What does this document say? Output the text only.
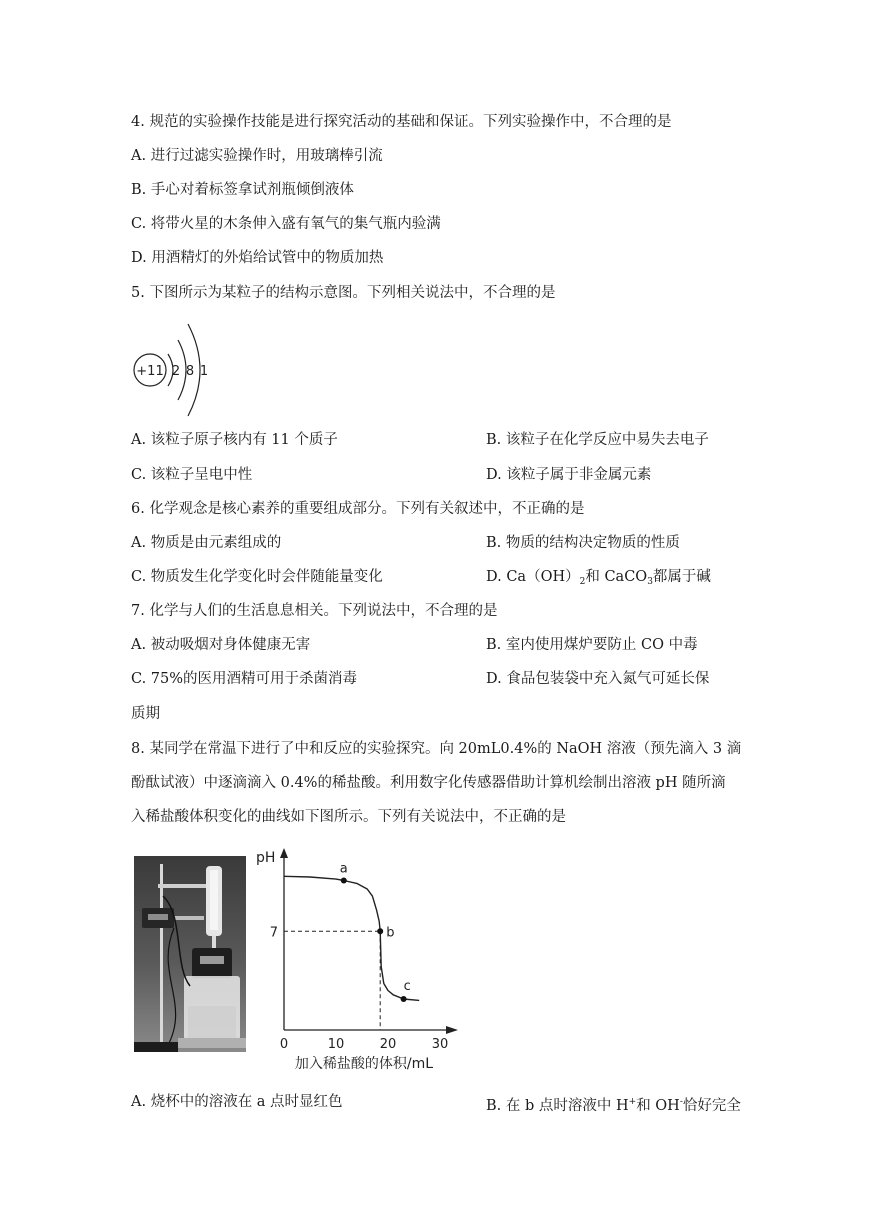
4. 规范的实验操作技能是进行探究活动的基础和保证。下列实验操作中，不合理的是
A. 进行过滤实验操作时，用玻璃棒引流
B. 手心对着标签拿试剂瓶倾倒液体
C. 将带火星的木条伸入盛有氧气的集气瓶内验满
D. 用酒精灯的外焰给试管中的物质加热
5. 下图所示为某粒子的结构示意图。下列相关说法中，不合理的是
+11 2 8 1
A. 该粒子原子核内有 11 个质子	B. 该粒子在化学反应中易失去电子
C. 该粒子呈电中性	D. 该粒子属于非金属元素
6. 化学观念是核心素养的重要组成部分。下列有关叙述中，不正确的是
A. 物质是由元素组成的	B. 物质的结构决定物质的性质
C. 物质发生化学变化时会伴随能量变化	D. $Ca(OH)_2$和 CaCO$_3$都属于碱
7. 化学与人们的生活息息相关。下列说法中，不合理的是
A. 被动吸烟对身体健康无害	B. 室内使用煤炉要防止 CO 中毒
C. 75%的医用酒精可用于杀菌消毒	D. 食品包装袋中充入氮气可延长保
质期
8. 某同学在常温下进行了中和反应的实验探究。向 20mL0.4%的 NaOH 溶液（预先滴入 3 滴
酚酞试液）中逐滴滴入 0.4%的稀盐酸。利用数字化传感器借助计算机绘制出溶液 pH 随所滴
入稀盐酸体积变化的曲线如下图所示。下列有关说法中，不正确的是
pH
加入稀盐酸的体积/mL
0	10	20	30
7
a
b
c
A. 烧杯中的溶液在 a 点时显红色	B. 在 b 点时溶液中 H+和 OH-恰好完全
